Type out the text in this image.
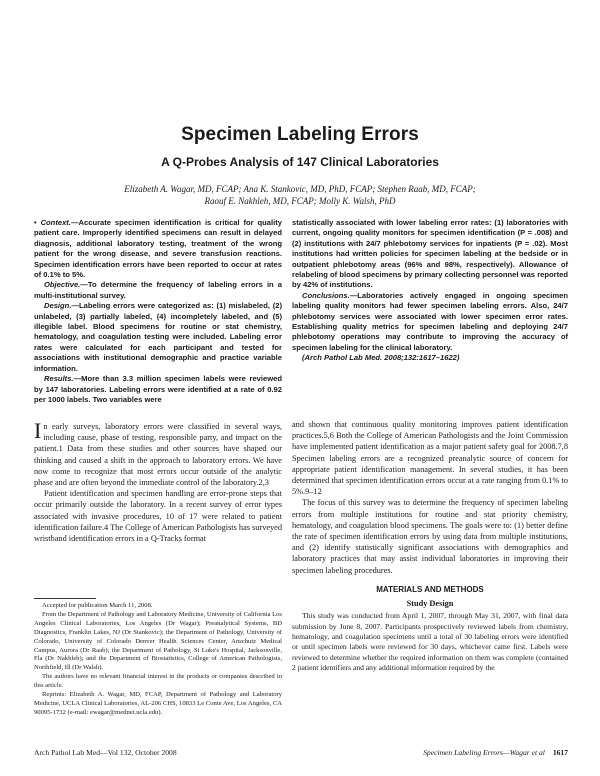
Specimen Labeling Errors
A Q-Probes Analysis of 147 Clinical Laboratories
Elizabeth A. Wagar, MD, FCAP; Ana K. Stankovic, MD, PhD, FCAP; Stephen Raab, MD, FCAP;
Raouf E. Nakhleh, MD, FCAP; Molly K. Walsh, PhD

• Context.—Accurate specimen identification is critical for quality patient care. Improperly identified specimens can result in delayed diagnosis, additional laboratory testing, treatment of the wrong patient for the wrong disease, and severe transfusion reactions. Specimen identification errors have been reported to occur at rates of 0.1% to 5%.

Objective.—To determine the frequency of labeling errors in a multi-institutional survey.

Design.—Labeling errors were categorized as: (1) mislabeled, (2) unlabeled, (3) partially labeled, (4) incompletely labeled, and (5) illegible label. Blood specimens for routine or stat chemistry, hematology, and coagulation testing were included. Labeling error rates were calculated for each participant and tested for associations with institutional demographic and practice variable information.

Results.—More than 3.3 million specimen labels were reviewed by 147 laboratories. Labeling errors were identified at a rate of 0.92 per 1000 labels. Two variables were

statistically associated with lower labeling error rates: (1) laboratories with current, ongoing quality monitors for specimen identification (P = .008) and (2) institutions with 24/7 phlebotomy services for inpatients (P = .02). Most institutions had written policies for specimen labeling at the bedside or in outpatient phlebotomy areas (96% and 98%, respectively). Allowance of relabeling of blood specimens by primary collecting personnel was reported by 42% of institutions.

Conclusions.—Laboratories actively engaged in ongoing specimen labeling quality monitors had fewer specimen labeling errors. Also, 24/7 phlebotomy services were associated with lower specimen error rates. Establishing quality metrics for specimen labeling and deploying 24/7 phlebotomy operations may contribute to improving the accuracy of specimen labeling for the clinical laboratory.

(Arch Pathol Lab Med. 2008;132:1617–1622)

In early surveys, laboratory errors were classified in several ways, including cause, phase of testing, responsible party, and impact on the patient.1 Data from these studies and other sources have shaped our thinking and caused a shift in the approach to laboratory errors. We have now come to recognize that most errors occur outside of the analytic phase and are often beyond the immediate control of the laboratory.2,3

Patient identification and specimen handling are error-prone steps that occur primarily outside the laboratory. In a recent survey of error types associated with invasive procedures, 10 of 17 were related to patient identification failure.4 The College of American Pathologists has surveyed wristband identification errors in a Q-Tracks format

Accepted for publication March 11, 2008.

From the Department of Pathology and Laboratory Medicine, University of California Los Angeles Clinical Laboratories, Los Angeles (Dr Wagar); Preanalytical Systems, BD Diagnostics, Franklin Lakes, NJ (Dr Stankovic); the Department of Pathology, University of Colorado, University of Colorado Denver Health Sciences Center, Anschutz Medical Campus, Aurora (Dr Raab); the Department of Pathology, St Luke's Hospital, Jacksonville, Fla (Dr Nakhleh); and the Department of Biostatistics, College of American Pathologists, Northfield, Ill (Dr Walsh).

The authors have no relevant financial interest in the products or companies described in this article.

Reprints: Elizabeth A. Wagar, MD, FCAP, Department of Pathology and Laboratory Medicine, UCLA Clinical Laboratories, AL-206 CHS, 10833 Le Conte Ave, Los Angeles, CA 90095-1732 (e-mail: ewagar@mednet.ucla.edu).

and shown that continuous quality monitoring improves patient identification practices.5,6 Both the College of American Pathologists and the Joint Commission have implemented patient identification as a major patient safety goal for 2008.7,8 Specimen labeling errors are a recognized preanalytic source of concern for appropriate patient identification management. In several studies, it has been determined that specimen identification errors occur at a rate ranging from 0.1% to 5%.9–12

The focus of this survey was to determine the frequency of specimen labeling errors from multiple institutions for routine and stat priority chemistry, hematology, and coagulation blood specimens. The goals were to: (1) better define the rate of specimen identification errors by using data from multiple institutions, and (2) identify statistically significant associations with demographics and laboratory practices that may assist individual laboratories in improving their specimen labeling procedures.

MATERIALS AND METHODS
Study Design

This study was conducted from April 1, 2007, through May 31, 2007, with final data submission by June 8, 2007. Participants prospectively reviewed labels from chemistry, hematology, and coagulation specimens until a total of 30 labeling errors were identified or until specimen labels were reviewed for 30 days, whichever came first. Labels were reviewed to determine whether the required information on them was complete (contained 2 patient identifiers and any additional information required by the

Arch Pathol Lab Med—Vol 132, October 2008	Specimen Labeling Errors—Wagar et al 1617
